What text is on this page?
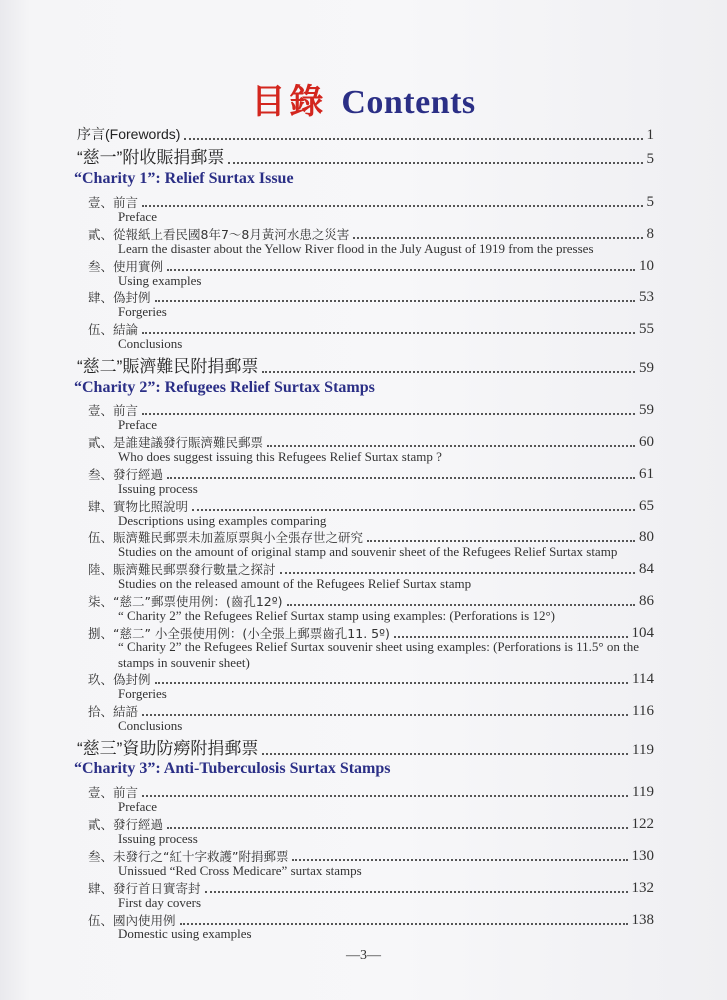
目錄 Contents
序言(Forewords)	1
“慈一”附收賑捐郵票	5
“Charity 1”: Relief Surtax Issue
壹、前言	5
Preface
貳、從報紙上看民國8年7～8月黃河水患之災害	8
Learn the disaster about the Yellow River flood in the July August of 1919 from the presses
叁、使用實例	10
Using examples
肆、偽封例	53
Forgeries
伍、結論	55
Conclusions
“慈二”賑濟難民附捐郵票	59
“Charity 2”: Refugees Relief Surtax Stamps
壹、前言	59
Preface
貳、是誰建議發行賑濟難民郵票	60
Who does suggest issuing this Refugees Relief Surtax stamp ?
叁、發行經過	61
Issuing process
肆、實物比照說明	65
Descriptions using examples comparing
伍、賑濟難民郵票未加蓋原票與小全張存世之研究	80
Studies on the amount of original stamp and souvenir sheet of the Refugees Relief Surtax stamp
陸、賑濟難民郵票發行數量之探討	84
Studies on the released amount of the Refugees Relief Surtax stamp
柒、“慈二”郵票使用例：(齒孔12º)	86
“ Charity 2” the Refugees Relief Surtax stamp using examples: (Perforations is 12°)
捌、“慈二” 小全張使用例：(小全張上郵票齒孔11. 5º)	104
“ Charity 2” the Refugees Relief Surtax souvenir sheet using examples: (Perforations is 11.5° on the stamps in souvenir sheet)
玖、偽封例	114
Forgeries
拾、結語	116
Conclusions
“慈三”資助防癆附捐郵票	119
“Charity 3”: Anti-Tuberculosis Surtax Stamps
壹、前言	119
Preface
貳、發行經過	122
Issuing process
叁、未發行之“紅十字救護”附捐郵票	130
Unissued “Red Cross Medicare” surtax stamps
肆、發行首日實寄封	132
First day covers
伍、國內使用例	138
Domestic using examples
—3—
